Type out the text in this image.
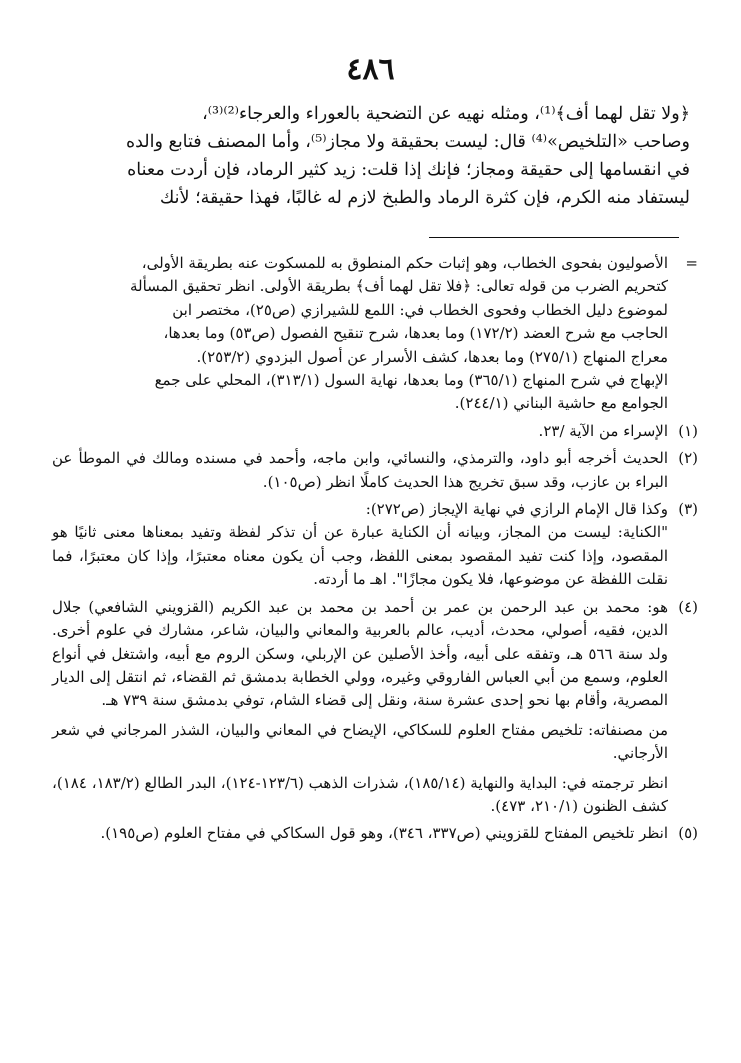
٤٨٦

﴿ولا تقل لهما أف﴾⁽¹⁾، ومثله نهيه عن التضحية بالعوراء والعرجاء⁽²⁾⁽³⁾،

وصاحب «التلخيص»⁽⁴⁾ قال: ليست بحقيقة ولا مجاز⁽⁵⁾، وأما المصنف فتابع والده

في انقسامها إلى حقيقة ومجاز؛ فإنك إذا قلت: زيد كثير الرماد، فإن أردت معناه

ليستفاد منه الكرم، فإن كثرة الرماد والطبخ لازم له غالبًا، فهذا حقيقة؛ لأنك

=

الأصوليون بفحوى الخطاب، وهو إثبات حكم المنطوق به للمسكوت عنه بطريقة الأولى،

كتحريم الضرب من قوله تعالى: ﴿فلا تقل لهما أف﴾ بطريقة الأولى. انظر تحقيق المسألة

لموضوع دليل الخطاب وفحوى الخطاب في: اللمع للشيرازي (ص٢٥)، مختصر ابن

الحاجب مع شرح العضد (١٧٢/٢) وما بعدها، شرح تنقيح الفصول (ص٥٣) وما بعدها،

معراج المنهاج (٢٧٥/١) وما بعدها، كشف الأسرار عن أصول البزدوي (٢٥٣/٢).

الإبهاج في شرح المنهاج (٣٦٥/١) وما بعدها، نهاية السول (٣١٣/١)، المحلي على جمع

الجوامع مع حاشية البناني (٢٤٤/١).

(١)

الإسراء من الآية /٢٣.

(٢)

الحديث أخرجه أبو داود، والترمذي، والنسائي، وابن ماجه، وأحمد في مسنده ومالك في الموطأ عن البراء بن عازب، وقد سبق تخريج هذا الحديث كاملًا انظر (ص١٠٥).

(٣)

وكذا قال الإمام الرازي في نهاية الإيجاز (ص٢٧٢):

"الكناية: ليست من المجاز، وبيانه أن الكناية عبارة عن أن تذكر لفظة وتفيد بمعناها معنى ثانيًا هو المقصود، وإذا كنت تفيد المقصود بمعنى اللفظ، وجب أن يكون معناه معتبرًا، وإذا كان معتبرًا، فما نقلت اللفظة عن موضوعها، فلا يكون مجازًا". اهـ ما أردته.

(٤)

هو: محمد بن عبد الرحمن بن عمر بن أحمد بن محمد بن عبد الكريم (القزويني الشافعي) جلال الدين، فقيه، أصولي، محدث، أديب، عالم بالعربية والمعاني والبيان، شاعر، مشارك في علوم أخرى. ولد سنة ٥٦٦ هـ، وتفقه على أبيه، وأخذ الأصلين عن الإربلي، وسكن الروم مع أبيه، واشتغل في أنواع العلوم، وسمع من أبي العباس الفاروقي وغيره، وولي الخطابة بدمشق ثم القضاء، ثم انتقل إلى الديار المصرية، وأقام بها نحو إحدى عشرة سنة، ونقل إلى قضاء الشام، توفي بدمشق سنة ٧٣٩ هـ.

من مصنفاته: تلخيص مفتاح العلوم للسكاكي، الإيضاح في المعاني والبيان، الشذر المرجاني في شعر الأرجاني.

انظر ترجمته في: البداية والنهاية (١٨٥/١٤)، شذرات الذهب (١٢٣/٦-١٢٤)، البدر الطالع (١٨٣/٢، ١٨٤)، كشف الظنون (٢١٠/١، ٤٧٣).

(٥)

انظر تلخيص المفتاح للقزويني (ص٣٣٧، ٣٤٦)، وهو قول السكاكي في مفتاح العلوم (ص١٩٥).
